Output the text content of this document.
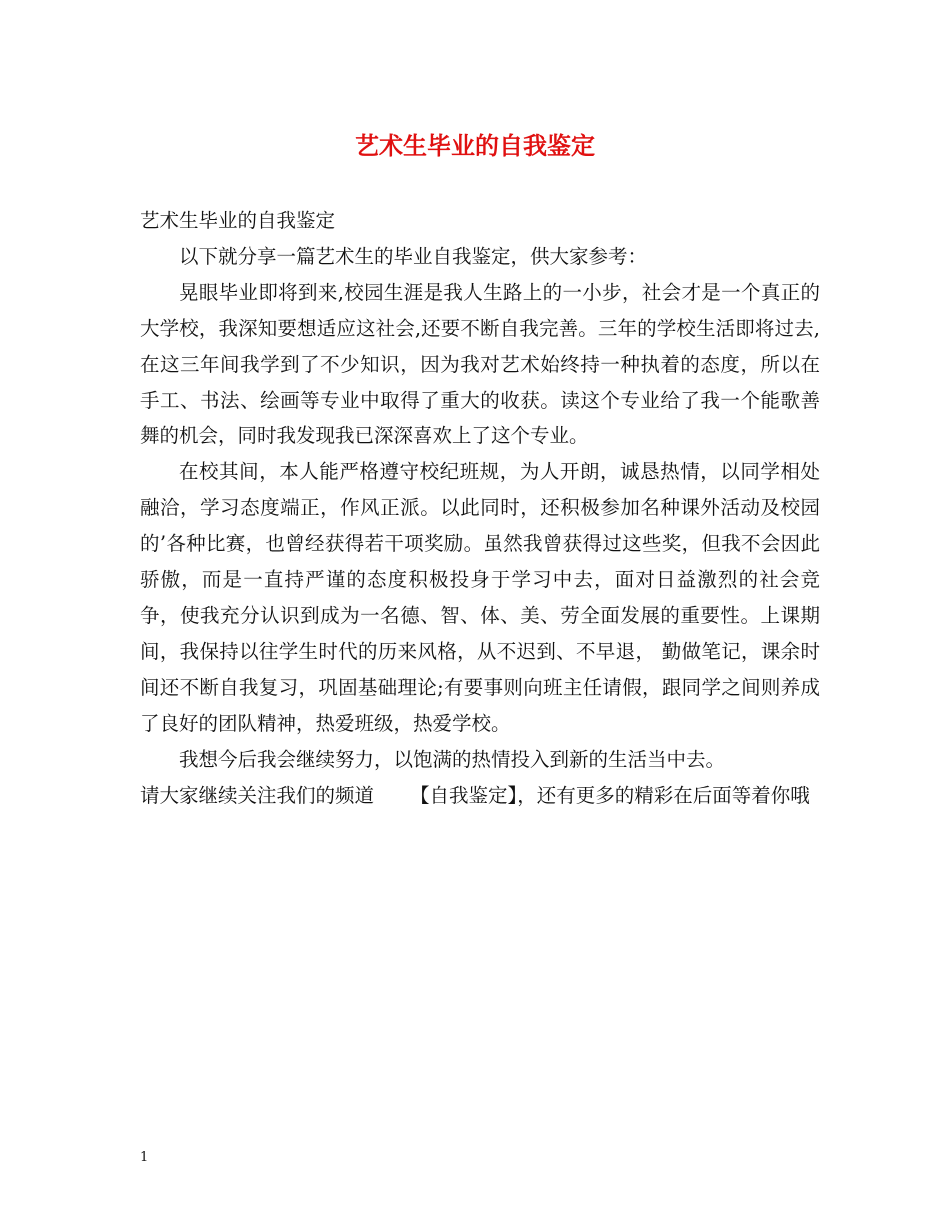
艺术生毕业的自我鉴定

艺术生毕业的自我鉴定

以下就分享一篇艺术生的毕业自我鉴定，供大家参考：

晃眼毕业即将到来,校园生涯是我人生路上的一小步，社会才是一个真正的大学校，我深知要想适应这社会,还要不断自我完善。三年的学校生活即将过去,在这三年间我学到了不少知识，因为我对艺术始终持一种执着的态度，所以在手工、书法、绘画等专业中取得了重大的收获。读这个专业给了我一个能歌善舞的机会，同时我发现我已深深喜欢上了这个专业。

在校其间，本人能严格遵守校纪班规，为人开朗，诚恳热情，以同学相处融洽，学习态度端正，作风正派。以此同时，还积极参加名种课外活动及校园的’各种比赛，也曾经获得若干项奖励。虽然我曾获得过这些奖，但我不会因此骄傲，而是一直持严谨的态度积极投身于学习中去，面对日益激烈的社会竞争，使我充分认识到成为一名德、智、体、美、劳全面发展的重要性。上课期间，我保持以往学生时代的历来风格，从不迟到、不早退， 勤做笔记，课余时间还不断自我复习，巩固基础理论;有要事则向班主任请假，跟同学之间则养成了良好的团队精神，热爱班级，热爱学校。

我想今后我会继续努力，以饱满的热情投入到新的生活当中去。

请大家继续关注我们的频道 【自我鉴定】，还有更多的精彩在后面等着你哦

1
